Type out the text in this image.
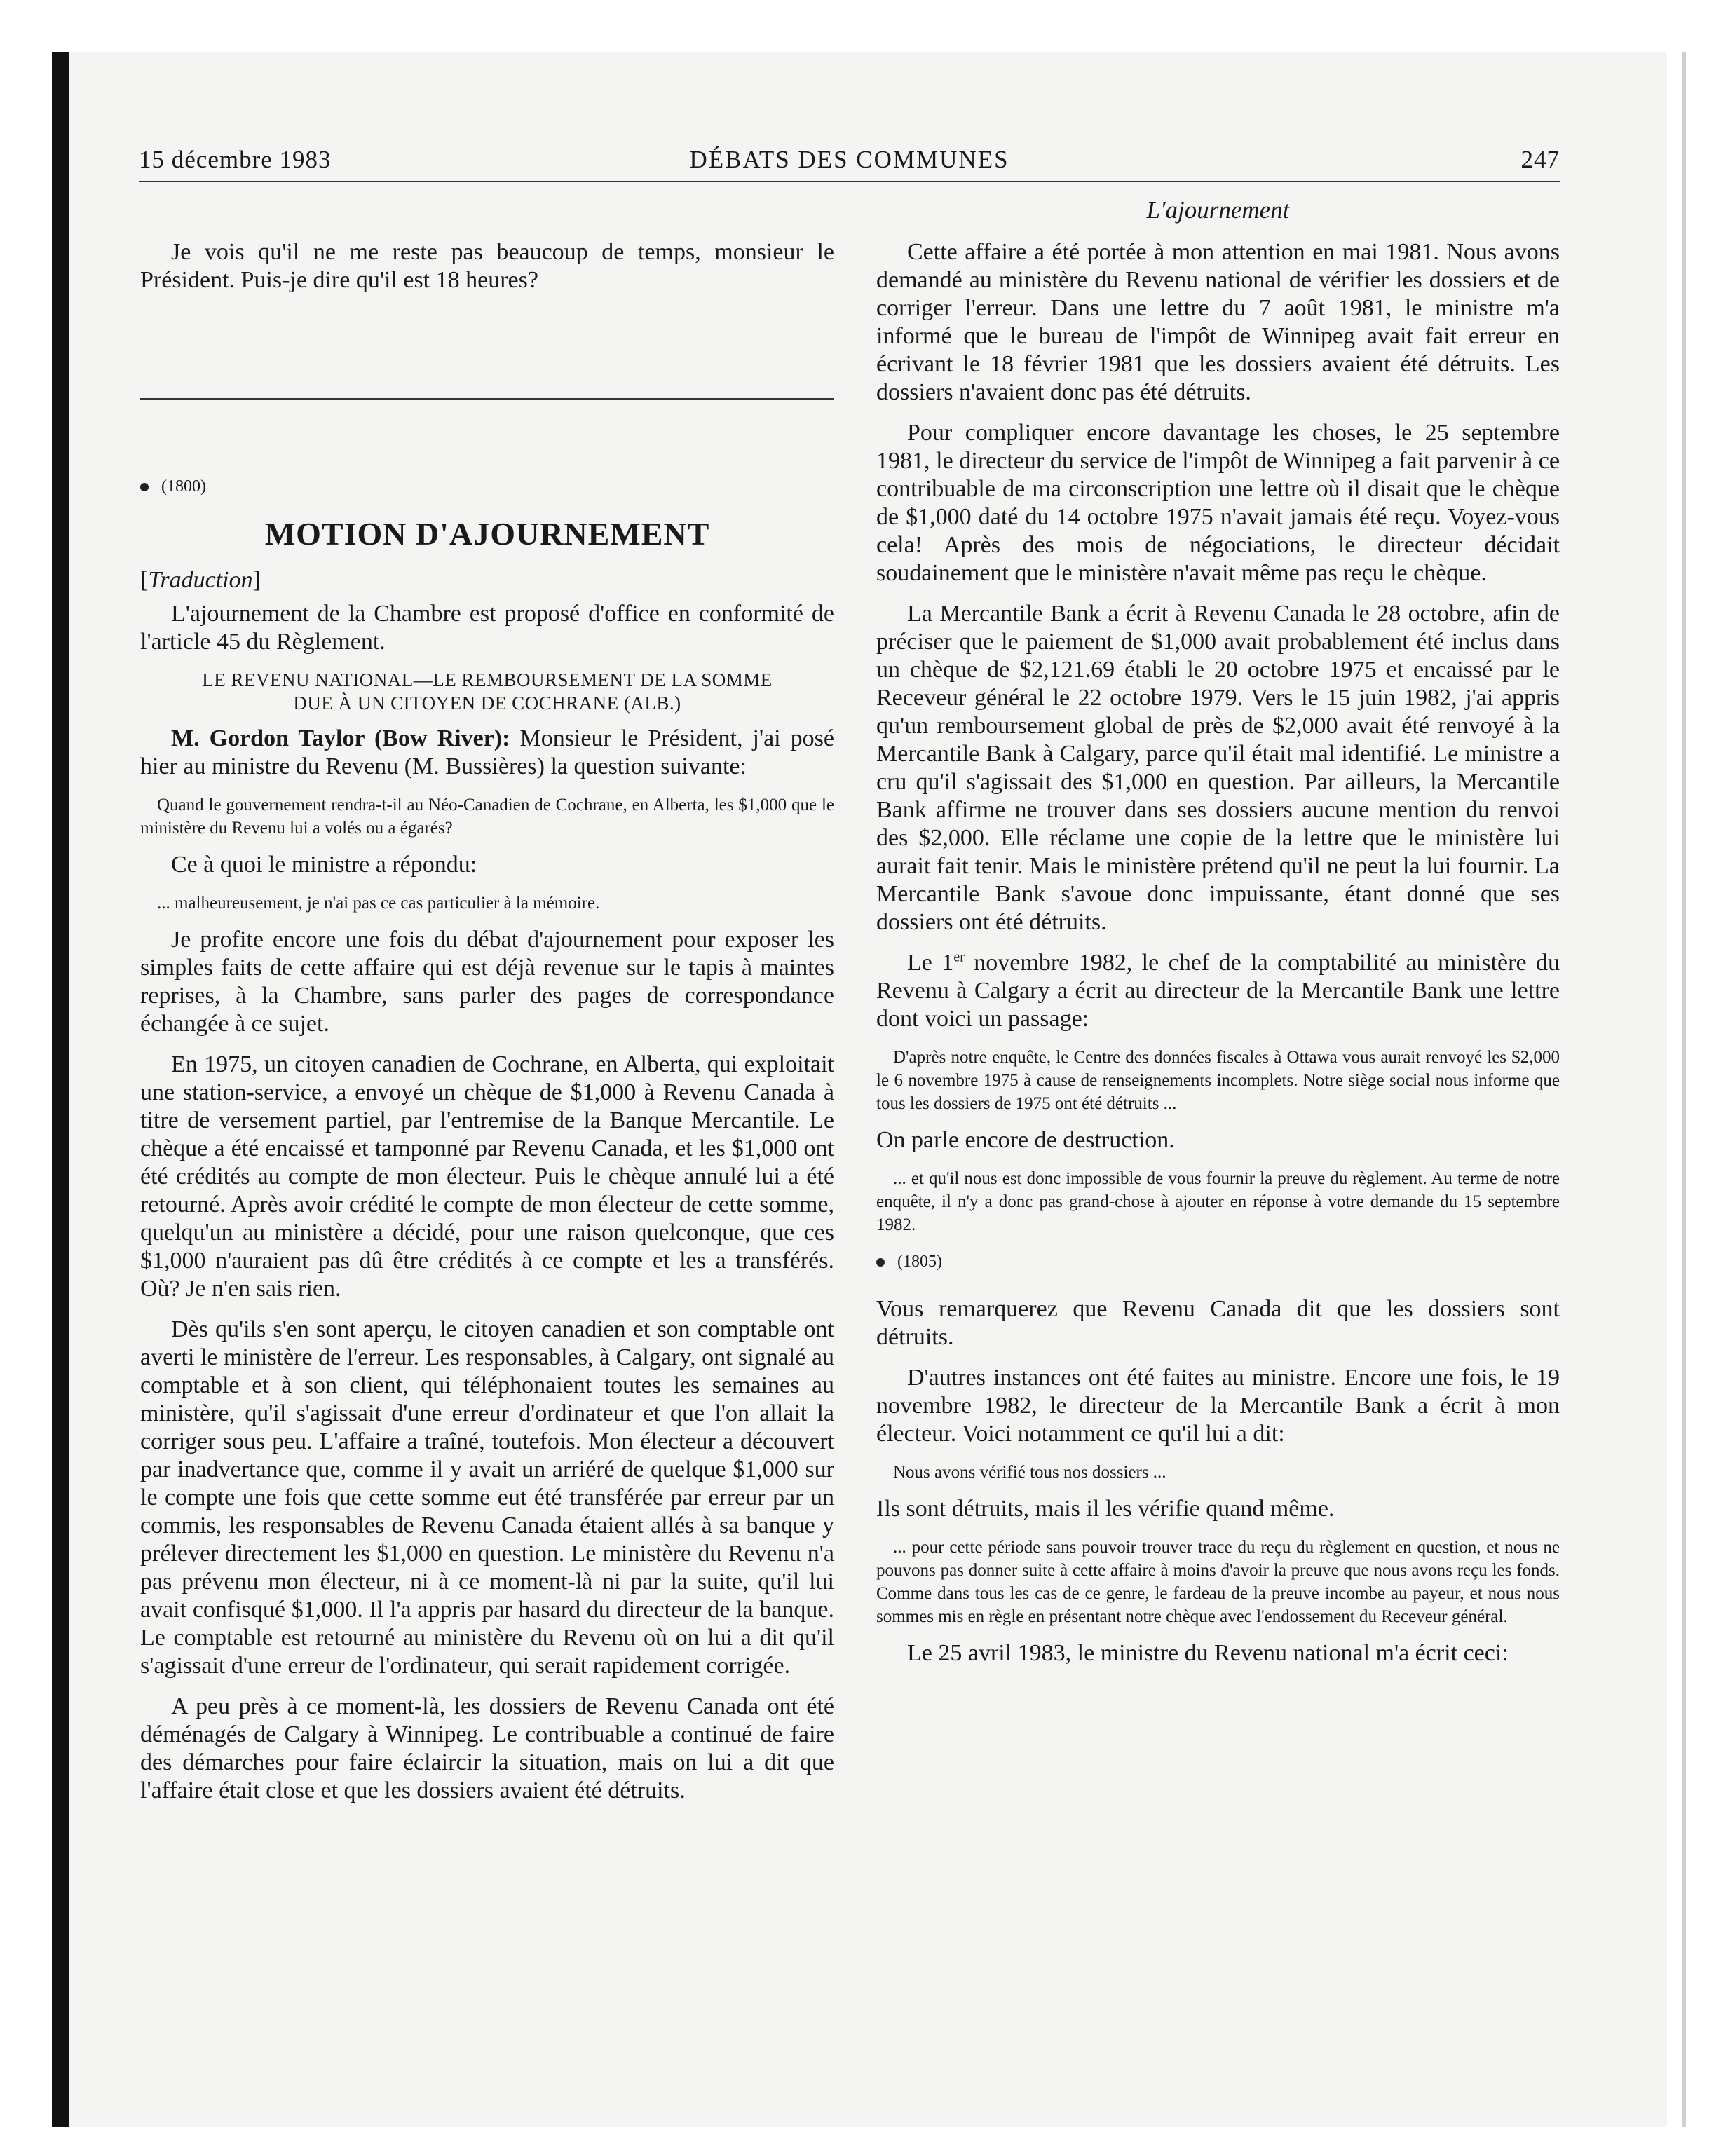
15 décembre 1983	DÉBATS DES COMMUNES	247
L'ajournement

Je vois qu'il ne me reste pas beaucoup de temps, monsieur le Président. Puis-je dire qu'il est 18 heures?

(1800)
MOTION D'AJOURNEMENT
[Traduction]

L'ajournement de la Chambre est proposé d'office en conformité de l'article 45 du Règlement.

LE REVENU NATIONAL—LE REMBOURSEMENT DE LA SOMME DUE À UN CITOYEN DE COCHRANE (ALB.)

M. Gordon Taylor (Bow River): Monsieur le Président, j'ai posé hier au ministre du Revenu (M. Bussières) la question suivante:

Quand le gouvernement rendra-t-il au Néo-Canadien de Cochrane, en Alberta, les $1,000 que le ministère du Revenu lui a volés ou a égarés?

Ce à quoi le ministre a répondu:

... malheureusement, je n'ai pas ce cas particulier à la mémoire.

Je profite encore une fois du débat d'ajournement pour exposer les simples faits de cette affaire qui est déjà revenue sur le tapis à maintes reprises, à la Chambre, sans parler des pages de correspondance échangée à ce sujet.

En 1975, un citoyen canadien de Cochrane, en Alberta, qui exploitait une station-service, a envoyé un chèque de $1,000 à Revenu Canada à titre de versement partiel, par l'entremise de la Banque Mercantile. Le chèque a été encaissé et tamponné par Revenu Canada, et les $1,000 ont été crédités au compte de mon électeur. Puis le chèque annulé lui a été retourné. Après avoir crédité le compte de mon électeur de cette somme, quelqu'un au ministère a décidé, pour une raison quelconque, que ces $1,000 n'auraient pas dû être crédités à ce compte et les a transférés. Où? Je n'en sais rien.

Dès qu'ils s'en sont aperçu, le citoyen canadien et son comptable ont averti le ministère de l'erreur. Les responsables, à Calgary, ont signalé au comptable et à son client, qui téléphonaient toutes les semaines au ministère, qu'il s'agissait d'une erreur d'ordinateur et que l'on allait la corriger sous peu. L'affaire a traîné, toutefois. Mon électeur a découvert par inadvertance que, comme il y avait un arriéré de quelque $1,000 sur le compte une fois que cette somme eut été transférée par erreur par un commis, les responsables de Revenu Canada étaient allés à sa banque y prélever directement les $1,000 en question. Le ministère du Revenu n'a pas prévenu mon électeur, ni à ce moment-là ni par la suite, qu'il lui avait confisqué $1,000. Il l'a appris par hasard du directeur de la banque. Le comptable est retourné au ministère du Revenu où on lui a dit qu'il s'agissait d'une erreur de l'ordinateur, qui serait rapidement corrigée.

A peu près à ce moment-là, les dossiers de Revenu Canada ont été déménagés de Calgary à Winnipeg. Le contribuable a continué de faire des démarches pour faire éclaircir la situation, mais on lui a dit que l'affaire était close et que les dossiers avaient été détruits.

Cette affaire a été portée à mon attention en mai 1981. Nous avons demandé au ministère du Revenu national de vérifier les dossiers et de corriger l'erreur. Dans une lettre du 7 août 1981, le ministre m'a informé que le bureau de l'impôt de Winnipeg avait fait erreur en écrivant le 18 février 1981 que les dossiers avaient été détruits. Les dossiers n'avaient donc pas été détruits.

Pour compliquer encore davantage les choses, le 25 septembre 1981, le directeur du service de l'impôt de Winnipeg a fait parvenir à ce contribuable de ma circonscription une lettre où il disait que le chèque de $1,000 daté du 14 octobre 1975 n'avait jamais été reçu. Voyez-vous cela! Après des mois de négociations, le directeur décidait soudainement que le ministère n'avait même pas reçu le chèque.

La Mercantile Bank a écrit à Revenu Canada le 28 octobre, afin de préciser que le paiement de $1,000 avait probablement été inclus dans un chèque de $2,121.69 établi le 20 octobre 1975 et encaissé par le Receveur général le 22 octobre 1979. Vers le 15 juin 1982, j'ai appris qu'un remboursement global de près de $2,000 avait été renvoyé à la Mercantile Bank à Calgary, parce qu'il était mal identifié. Le ministre a cru qu'il s'agissait des $1,000 en question. Par ailleurs, la Mercantile Bank affirme ne trouver dans ses dossiers aucune mention du renvoi des $2,000. Elle réclame une copie de la lettre que le ministère lui aurait fait tenir. Mais le ministère prétend qu'il ne peut la lui fournir. La Mercantile Bank s'avoue donc impuissante, étant donné que ses dossiers ont été détruits.

Le 1er novembre 1982, le chef de la comptabilité au ministère du Revenu à Calgary a écrit au directeur de la Mercantile Bank une lettre dont voici un passage:

D'après notre enquête, le Centre des données fiscales à Ottawa vous aurait renvoyé les $2,000 le 6 novembre 1975 à cause de renseignements incomplets. Notre siège social nous informe que tous les dossiers de 1975 ont été détruits ...

On parle encore de destruction.

... et qu'il nous est donc impossible de vous fournir la preuve du règlement. Au terme de notre enquête, il n'y a donc pas grand-chose à ajouter en réponse à votre demande du 15 septembre 1982.
(1805)

Vous remarquerez que Revenu Canada dit que les dossiers sont détruits.

D'autres instances ont été faites au ministre. Encore une fois, le 19 novembre 1982, le directeur de la Mercantile Bank a écrit à mon électeur. Voici notamment ce qu'il lui a dit:

Nous avons vérifié tous nos dossiers ...

Ils sont détruits, mais il les vérifie quand même.

... pour cette période sans pouvoir trouver trace du reçu du règlement en question, et nous ne pouvons pas donner suite à cette affaire à moins d'avoir la preuve que nous avons reçu les fonds. Comme dans tous les cas de ce genre, le fardeau de la preuve incombe au payeur, et nous nous sommes mis en règle en présentant notre chèque avec l'endossement du Receveur général.

Le 25 avril 1983, le ministre du Revenu national m'a écrit ceci:
